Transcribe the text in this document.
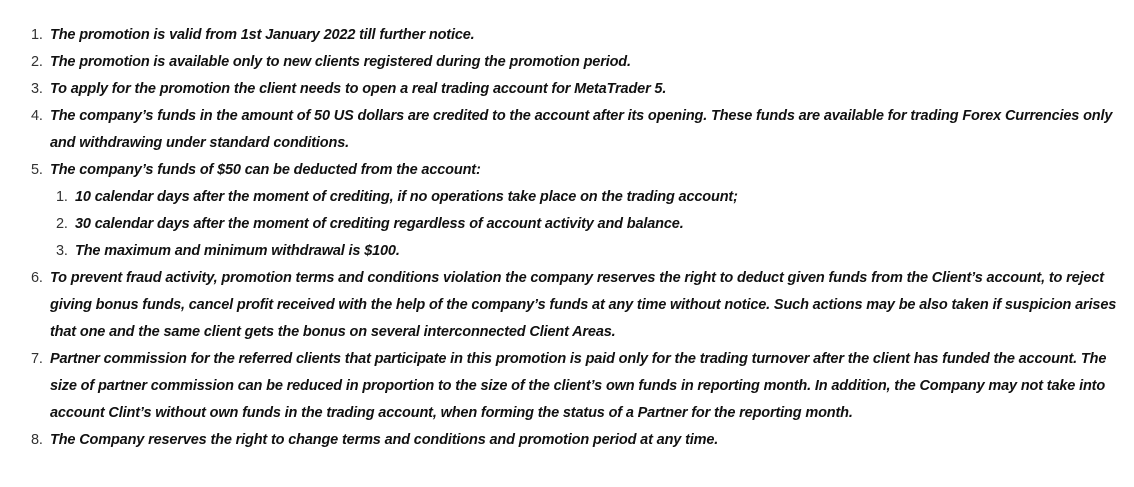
1. The promotion is valid from 1st January 2022 till further notice.
2. The promotion is available only to new clients registered during the promotion period.
3. To apply for the promotion the client needs to open a real trading account for MetaTrader 5.
4. The company’s funds in the amount of 50 US dollars are credited to the account after its opening. These funds are available for trading Forex Currencies only and withdrawing under standard conditions.
5. The company’s funds of $50 can be deducted from the account:
1. 10 calendar days after the moment of crediting, if no operations take place on the trading account;
2. 30 calendar days after the moment of crediting regardless of account activity and balance.
3. The maximum and minimum withdrawal is $100.
6. To prevent fraud activity, promotion terms and conditions violation the company reserves the right to deduct given funds from the Client’s account, to reject giving bonus funds, cancel profit received with the help of the company’s funds at any time without notice. Such actions may be also taken if suspicion arises that one and the same client gets the bonus on several interconnected Client Areas.
7. Partner commission for the referred clients that participate in this promotion is paid only for the trading turnover after the client has funded the account. The size of partner commission can be reduced in proportion to the size of the client’s own funds in reporting month. In addition, the Company may not take into account Clint’s without own funds in the trading account, when forming the status of a Partner for the reporting month.
8. The Company reserves the right to change terms and conditions and promotion period at any time.
